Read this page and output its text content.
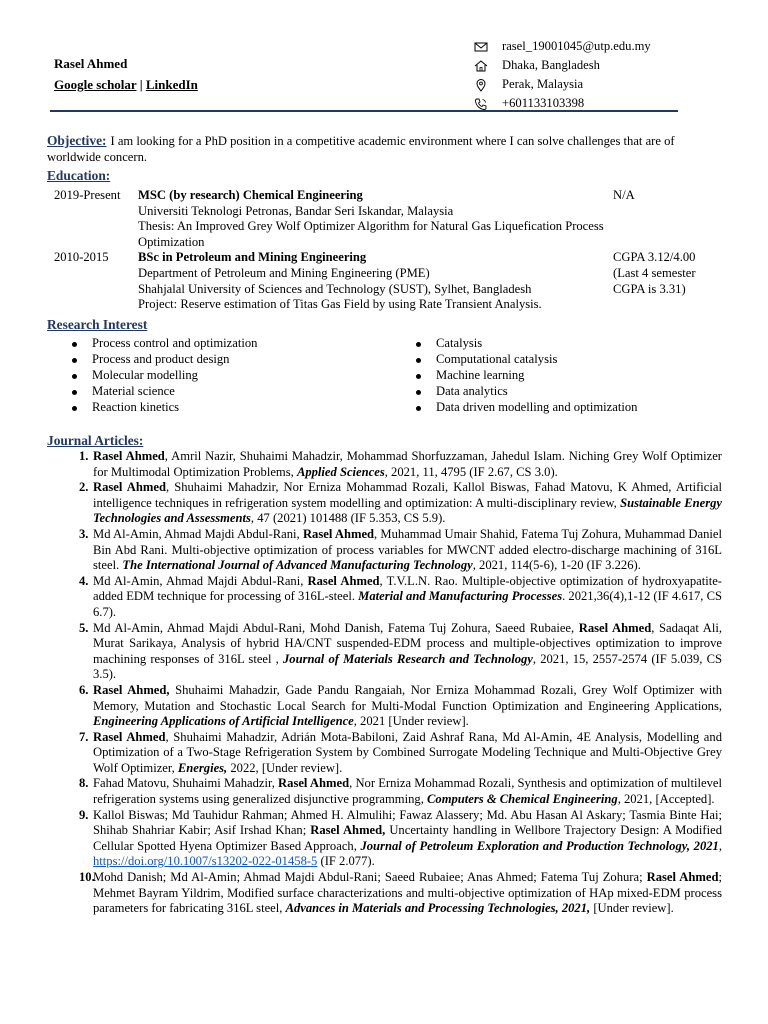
Rasel Ahmed
Google scholar | LinkedIn
rasel_19001045@utp.edu.my
Dhaka, Bangladesh
Perak, Malaysia
+601133103398
Objective: I am looking for a PhD position in a competitive academic environment where I can solve challenges that are of worldwide concern.
Education:
2019-Present	MSC (by research) Chemical Engineering
Universiti Teknologi Petronas, Bandar Seri Iskandar, Malaysia
Thesis: An Improved Grey Wolf Optimizer Algorithm for Natural Gas Liquefication Process Optimization
N/A
2010-2015	BSc in Petroleum and Mining Engineering
Department of Petroleum and Mining Engineering (PME)
Shahjalal University of Sciences and Technology (SUST), Sylhet, Bangladesh
Project: Reserve estimation of Titas Gas Field by using Rate Transient Analysis.
CGPA 3.12/4.00 (Last 4 semester CGPA is 3.31)
Research Interest
Process control and optimization
Process and product design
Molecular modelling
Material science
Reaction kinetics
Catalysis
Computational catalysis
Machine learning
Data analytics
Data driven modelling and optimization
Journal Articles:
1. Rasel Ahmed, Amril Nazir, Shuhaimi Mahadzir, Mohammad Shorfuzzaman, Jahedul Islam. Niching Grey Wolf Optimizer for Multimodal Optimization Problems, Applied Sciences, 2021, 11, 4795 (IF 2.67, CS 3.0).
2. Rasel Ahmed, Shuhaimi Mahadzir, Nor Erniza Mohammad Rozali, Kallol Biswas, Fahad Matovu, K Ahmed, Artificial intelligence techniques in refrigeration system modelling and optimization: A multi-disciplinary review, Sustainable Energy Technologies and Assessments, 47 (2021) 101488 (IF 5.353, CS 5.9).
3. Md Al-Amin, Ahmad Majdi Abdul-Rani, Rasel Ahmed, Muhammad Umair Shahid, Fatema Tuj Zohura, Muhammad Daniel Bin Abd Rani. Multi-objective optimization of process variables for MWCNT added electro-discharge machining of 316L steel. The International Journal of Advanced Manufacturing Technology, 2021, 114(5-6), 1-20 (IF 3.226).
4. Md Al-Amin, Ahmad Majdi Abdul-Rani, Rasel Ahmed, T.V.L.N. Rao. Multiple-objective optimization of hydroxyapatite-added EDM technique for processing of 316L-steel. Material and Manufacturing Processes. 2021,36(4),1-12 (IF 4.617, CS 6.7).
5. Md Al-Amin, Ahmad Majdi Abdul-Rani, Mohd Danish, Fatema Tuj Zohura, Saeed Rubaiee, Rasel Ahmed, Sadaqat Ali, Murat Sarikaya, Analysis of hybrid HA/CNT suspended-EDM process and multiple-objectives optimization to improve machining responses of 316L steel , Journal of Materials Research and Technology, 2021, 15, 2557-2574 (IF 5.039, CS 3.5).
6. Rasel Ahmed, Shuhaimi Mahadzir, Gade Pandu Rangaiah, Nor Erniza Mohammad Rozali, Grey Wolf Optimizer with Memory, Mutation and Stochastic Local Search for Multi-Modal Function Optimization and Engineering Applications, Engineering Applications of Artificial Intelligence, 2021 [Under review].
7. Rasel Ahmed, Shuhaimi Mahadzir, Adrián Mota-Babiloni, Zaid Ashraf Rana, Md Al-Amin, 4E Analysis, Modelling and Optimization of a Two-Stage Refrigeration System by Combined Surrogate Modeling Technique and Multi-Objective Grey Wolf Optimizer, Energies, 2022, [Under review].
8. Fahad Matovu, Shuhaimi Mahadzir, Rasel Ahmed, Nor Erniza Mohammad Rozali, Synthesis and optimization of multilevel refrigeration systems using generalized disjunctive programming, Computers & Chemical Engineering, 2021, [Accepted].
9. Kallol Biswas; Md Tauhidur Rahman; Ahmed H. Almulihi; Fawaz Alassery; Md. Abu Hasan Al Askary; Tasmia Binte Hai; Shihab Shahriar Kabir; Asif Irshad Khan; Rasel Ahmed, Uncertainty handling in Wellbore Trajectory Design: A Modified Cellular Spotted Hyena Optimizer Based Approach, Journal of Petroleum Exploration and Production Technology, 2021, https://doi.org/10.1007/s13202-022-01458-5 (IF 2.077).
10.
Mohd Danish; Md Al-Amin; Ahmad Majdi Abdul-Rani; Saeed Rubaiee; Anas Ahmed; Fatema Tuj Zohura; Rasel Ahmed; Mehmet Bayram Yildrim, Modified surface characterizations and multi-objective optimization of HAp mixed-EDM process parameters for fabricating 316L steel, Advances in Materials and Processing Technologies, 2021, [Under review].
